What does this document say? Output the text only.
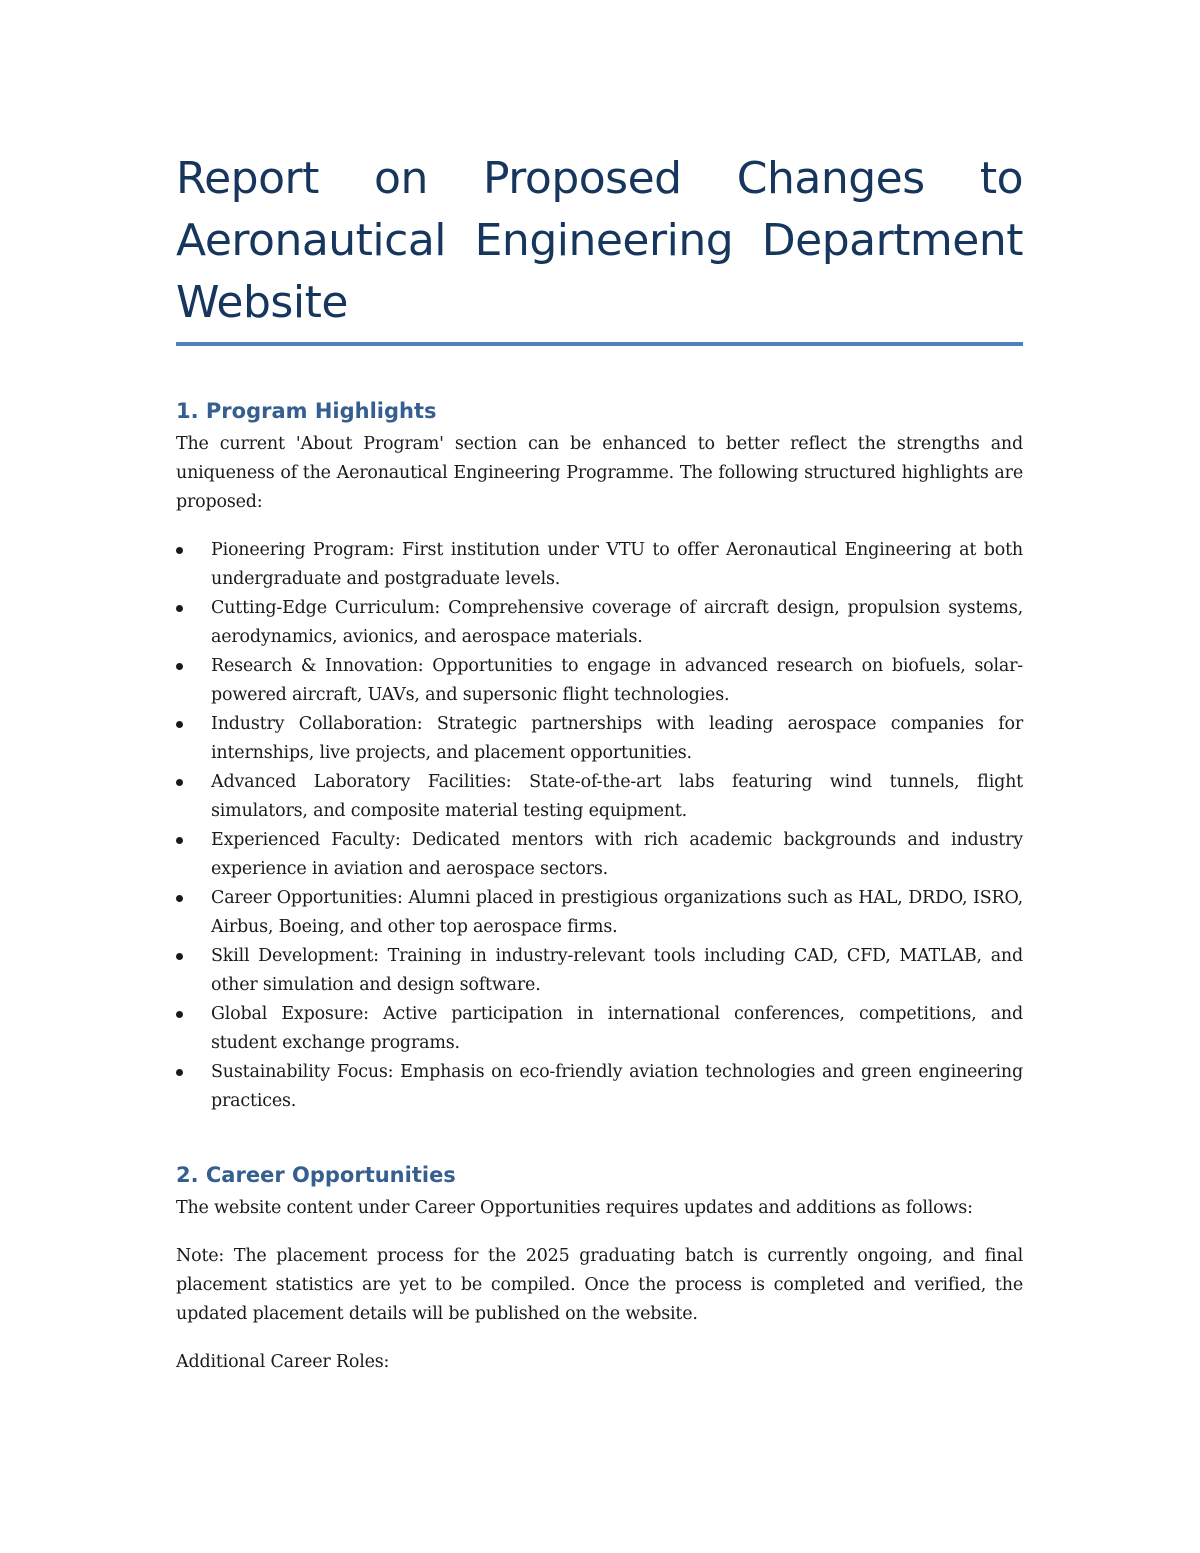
Report on Proposed Changes to Aeronautical Engineering Department Website
1. Program Highlights

The current 'About Program' section can be enhanced to better reflect the strengths and uniqueness of the Aeronautical Engineering Programme. The following structured highlights are proposed:

Pioneering Program: First institution under VTU to offer Aeronautical Engineering at both undergraduate and postgraduate levels.
Cutting-Edge Curriculum: Comprehensive coverage of aircraft design, propulsion systems, aerodynamics, avionics, and aerospace materials.
Research & Innovation: Opportunities to engage in advanced research on biofuels, solar-powered aircraft, UAVs, and supersonic flight technologies.
Industry Collaboration: Strategic partnerships with leading aerospace companies for internships, live projects, and placement opportunities.
Advanced Laboratory Facilities: State-of-the-art labs featuring wind tunnels, flight simulators, and composite material testing equipment.
Experienced Faculty: Dedicated mentors with rich academic backgrounds and industry experience in aviation and aerospace sectors.
Career Opportunities: Alumni placed in prestigious organizations such as HAL, DRDO, ISRO, Airbus, Boeing, and other top aerospace firms.
Skill Development: Training in industry-relevant tools including CAD, CFD, MATLAB, and other simulation and design software.
Global Exposure: Active participation in international conferences, competitions, and student exchange programs.
Sustainability Focus: Emphasis on eco-friendly aviation technologies and green engineering practices.
2. Career Opportunities

The website content under Career Opportunities requires updates and additions as follows:

Note: The placement process for the 2025 graduating batch is currently ongoing, and final placement statistics are yet to be compiled. Once the process is completed and verified, the updated placement details will be published on the website.

Additional Career Roles:
